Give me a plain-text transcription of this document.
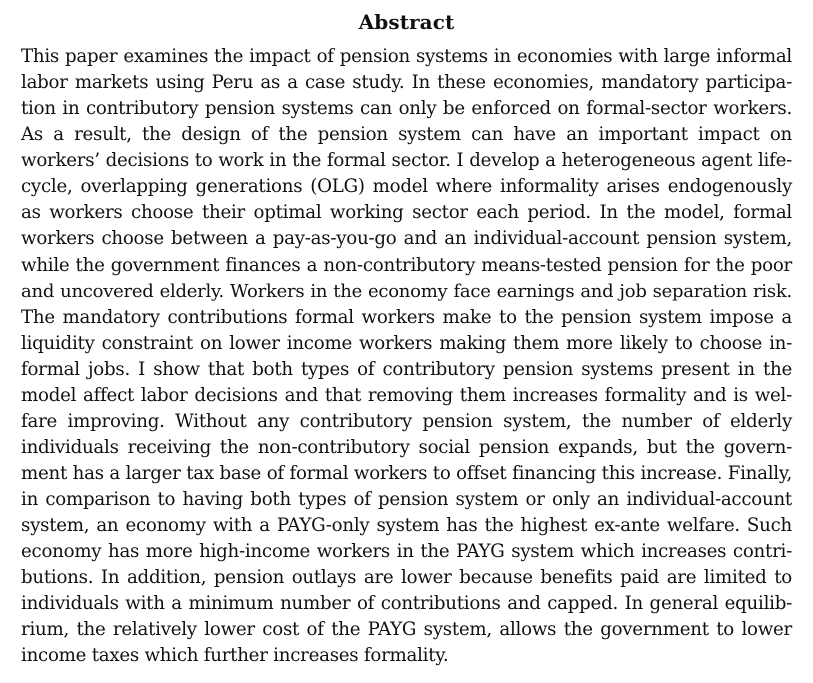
Abstract
This paper examines the impact of pension systems in economies with large informal
labor markets using Peru as a case study. In these economies, mandatory participa-
tion in contributory pension systems can only be enforced on formal-sector workers.
As a result, the design of the pension system can have an important impact on
workers’ decisions to work in the formal sector. I develop a heterogeneous agent life-
cycle, overlapping generations (OLG) model where informality arises endogenously
as workers choose their optimal working sector each period. In the model, formal
workers choose between a pay-as-you-go and an individual-account pension system,
while the government finances a non-contributory means-tested pension for the poor
and uncovered elderly. Workers in the economy face earnings and job separation risk.
The mandatory contributions formal workers make to the pension system impose a
liquidity constraint on lower income workers making them more likely to choose in-
formal jobs. I show that both types of contributory pension systems present in the
model affect labor decisions and that removing them increases formality and is wel-
fare improving. Without any contributory pension system, the number of elderly
individuals receiving the non-contributory social pension expands, but the govern-
ment has a larger tax base of formal workers to offset financing this increase. Finally,
in comparison to having both types of pension system or only an individual-account
system, an economy with a PAYG-only system has the highest ex-ante welfare. Such
economy has more high-income workers in the PAYG system which increases contri-
butions. In addition, pension outlays are lower because benefits paid are limited to
individuals with a minimum number of contributions and capped. In general equilib-
rium, the relatively lower cost of the PAYG system, allows the government to lower
income taxes which further increases formality.
